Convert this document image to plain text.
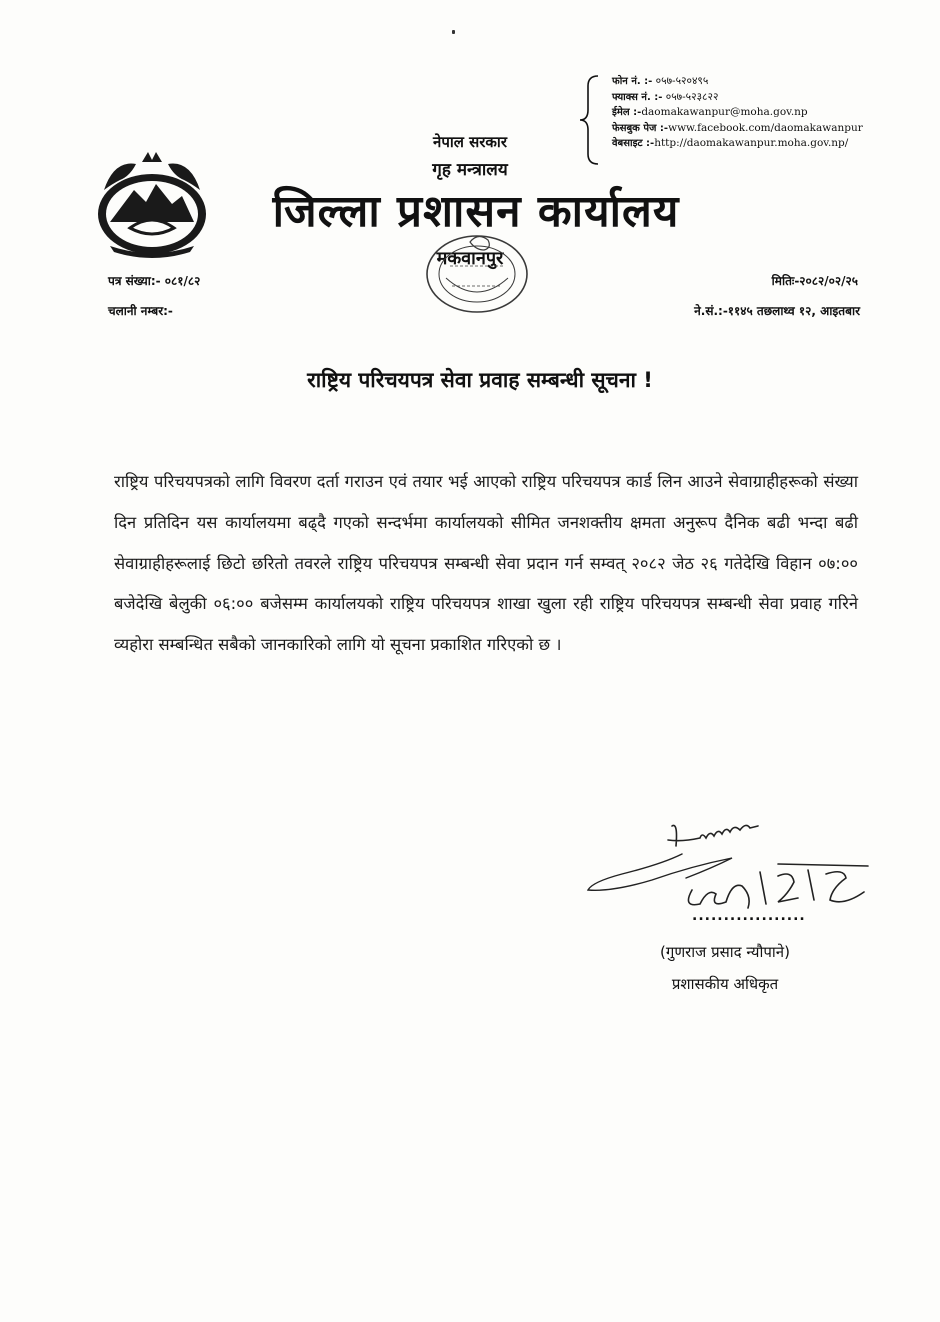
फोन नं. :- ०५७-५२०४९५
फ्याक्स नं. :- ०५७-५२३८२२
ईमेल :-daomakawanpur@moha.gov.np
फेसबुक पेज :-www.facebook.com/daomakawanpur
वेबसाइट :-http://daomakawanpur.moha.gov.np/
नेपाल सरकार
गृह मन्त्रालय
जिल्ला प्रशासन कार्यालय
मकवानपुर
पत्र संख्या:- ०८१/८२
चलानी नम्बर:-
मितिः-२०८२/०२/२५
ने.सं.:-११४५ तछलाथ्व १२, आइतबार
राष्ट्रिय परिचयपत्र सेवा प्रवाह सम्बन्धी सूचना !
राष्ट्रिय परिचयपत्रको लागि विवरण दर्ता गराउन एवं तयार भई आएको राष्ट्रिय परिचयपत्र कार्ड लिन आउने सेवाग्राहीहरूको संख्या दिन प्रतिदिन यस कार्यालयमा बढ्दै गएको सन्दर्भमा कार्यालयको सीमित जनशक्तीय क्षमता अनुरूप दैनिक बढी भन्दा बढी सेवाग्राहीहरूलाई छिटो छरितो तवरले राष्ट्रिय परिचयपत्र सम्बन्धी सेवा प्रदान गर्न सम्वत् २०८२ जेठ २६ गतेदेखि विहान ०७:०० बजेदेखि बेलुकी ०६:०० बजेसम्म कार्यालयको राष्ट्रिय परिचयपत्र शाखा खुला रही राष्ट्रिय परिचयपत्र सम्बन्धी सेवा प्रवाह गरिने व्यहोरा सम्बन्धित सबैको जानकारिको लागि यो सूचना प्रकाशित गरिएको छ ।
..................
(गुणराज प्रसाद न्यौपाने)
प्रशासकीय अधिकृत
